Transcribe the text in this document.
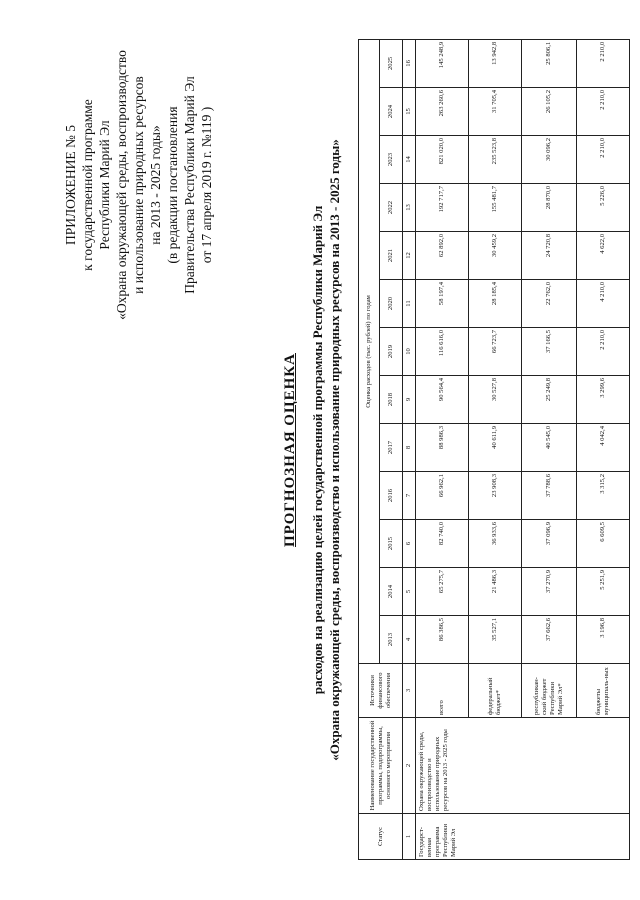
ПРИЛОЖЕНИЕ № 5 к государственной программе Республики Марий Эл «Охрана окружающей среды, воспроизводство и использование природных ресурсов на 2013 - 2025 годы» (в редакции постановления Правительства Республики Марий Эл от 17 апреля 2019 г. №119 )
ПРОГНОЗНАЯ ОЦЕНКА расходов на реализацию целей государственной программы Республики Марий Эл «Охрана окружающей среды, воспроизводство и использование природных ресурсов на 2013 - 2025 годы»
Статус	Наименование государственной программы, подпрограммы, основного мероприятия	Источники финансового обеспечения	Оценка расходов (тыс. рублей) по годам												
			2013	2014	2015	2016	2017	2018	2019	2020	2021	2022	2023	2024	2025
1	2	3	4	5	6	7	8	9	10	11	12	13	14	15	16
Государст-венная программа Республики Марий Эл	Охрана окружающей среды, воспроизводство и использование природных ресурсов на 2013 - 2025 годы	всего	86 386,5	65 275,7	82 740,0	66 962,1	88 986,3	90 564,4	116 616,0	58 197,4	62 892,0	192 717,7	821 020,0	263 260,6	145 248,9
		федеральный бюджет*	35 527,1	21 486,3	36 933,6	23 908,3	40 611,9	30 527,8	66 723,7	28 185,4	30 459,2	155 481,7	235 523,8	31 705,4	13 942,8
		республикан-ский бюджет Республики Марий Эл*	37 662,6	37 270,9	37 096,9	37 788,6	40 545,0	25 249,8	37 166,5	22 762,0	24 720,8	28 870,0	30 096,2	26 105,2	25 806,1
		бюджеты муниципаль-ных	3 196,8	5 251,9	6 609,5	3 315,2	4 042,4	3 299,6	2 210,0	4 210,0	4 622,0	5 226,0	2 210,0	2 210,0	2 210,0
